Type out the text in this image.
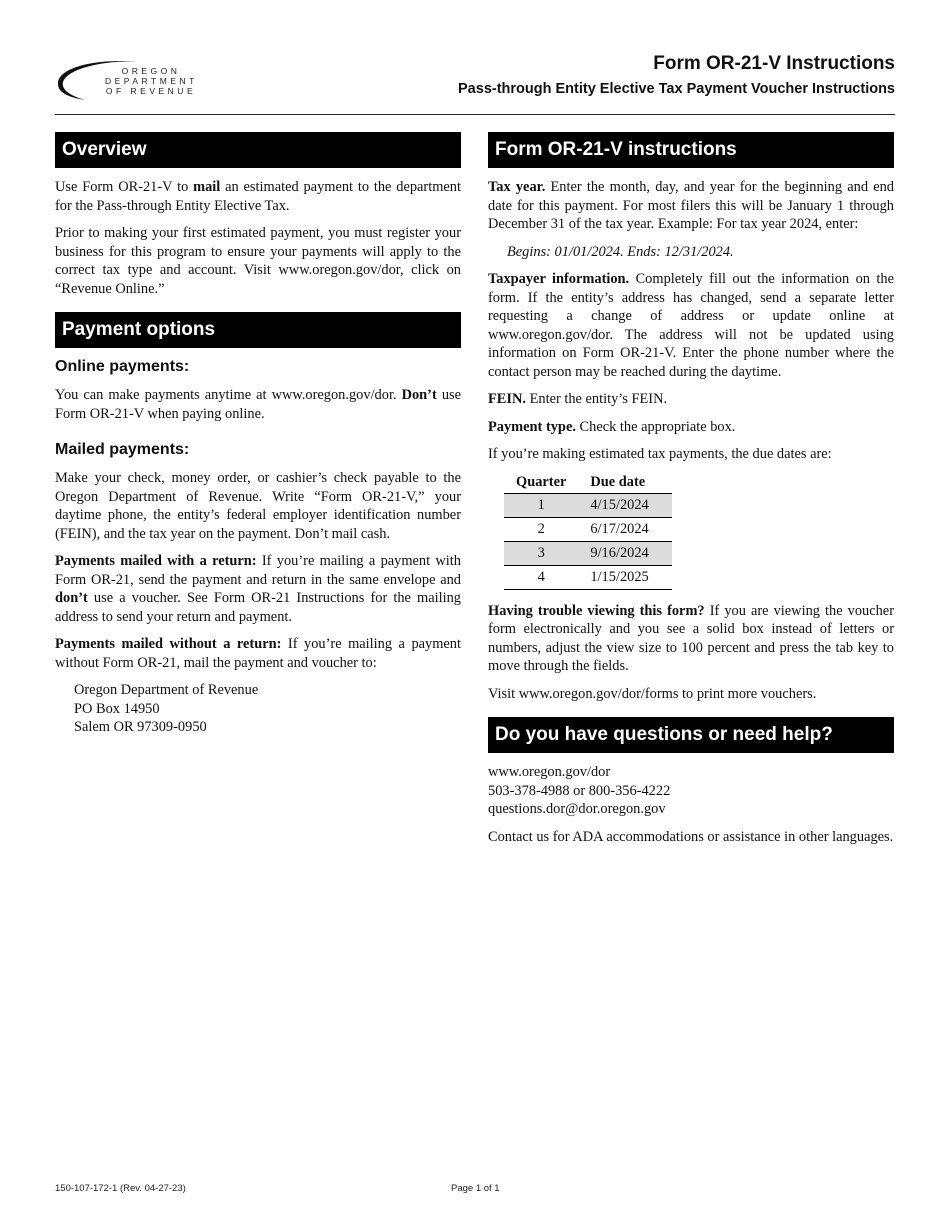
OREGON
DEPARTMENT
OF REVENUE
Form OR-21-V Instructions
Pass-through Entity Elective Tax Payment Voucher Instructions
Overview

Use Form OR-21-V to mail an estimated payment to the department for the Pass-through Entity Elective Tax.

Prior to making your first estimated payment, you must register your business for this program to ensure your payments will apply to the correct tax type and account. Visit www.oregon.gov/dor, click on “Revenue Online.”

Payment options
Online payments:

You can make payments anytime at www.oregon.gov/dor. Don’t use Form OR-21-V when paying online.

Mailed payments:

Make your check, money order, or cashier’s check payable to the Oregon Department of Revenue. Write “Form OR-21-V,” your daytime phone, the entity’s federal employer identification number (FEIN), and the tax year on the payment. Don’t mail cash.

Payments mailed with a return: If you’re mailing a payment with Form OR-21, send the payment and return in the same envelope and don’t use a voucher. See Form OR-21 Instructions for the mailing address to send your return and payment.

Payments mailed without a return: If you’re mailing a payment without Form OR-21, mail the payment and voucher to:

Oregon Department of Revenue
PO Box 14950
Salem OR 97309-0950
Form OR-21-V instructions

Tax year. Enter the month, day, and year for the beginning and end date for this payment. For most filers this will be January 1 through December 31 of the tax year. Example: For tax year 2024, enter:

Begins: 01/01/2024. Ends: 12/31/2024.

Taxpayer information. Completely fill out the information on the form. If the entity’s address has changed, send a separate letter requesting a change of address or update online at www.oregon.gov/dor. The address will not be updated using information on Form OR-21-V. Enter the phone number where the contact person may be reached during the daytime.

FEIN. Enter the entity’s FEIN.

Payment type. Check the appropriate box.

If you’re making estimated tax payments, the due dates are:

Quarter	Due date
1	4/15/2024
2	6/17/2024
3	9/16/2024
4	1/15/2025

Having trouble viewing this form? If you are viewing the voucher form electronically and you see a solid box instead of letters or numbers, adjust the view size to 100 percent and press the tab key to move through the fields.

Visit www.oregon.gov/dor/forms to print more vouchers.

Do you have questions or need help?
www.oregon.gov/dor
503-378-4988 or 800-356-4222
questions.dor@dor.oregon.gov

Contact us for ADA accommodations or assistance in other languages.

150-107-172-1 (Rev. 04-27-23)	Page 1 of 1
